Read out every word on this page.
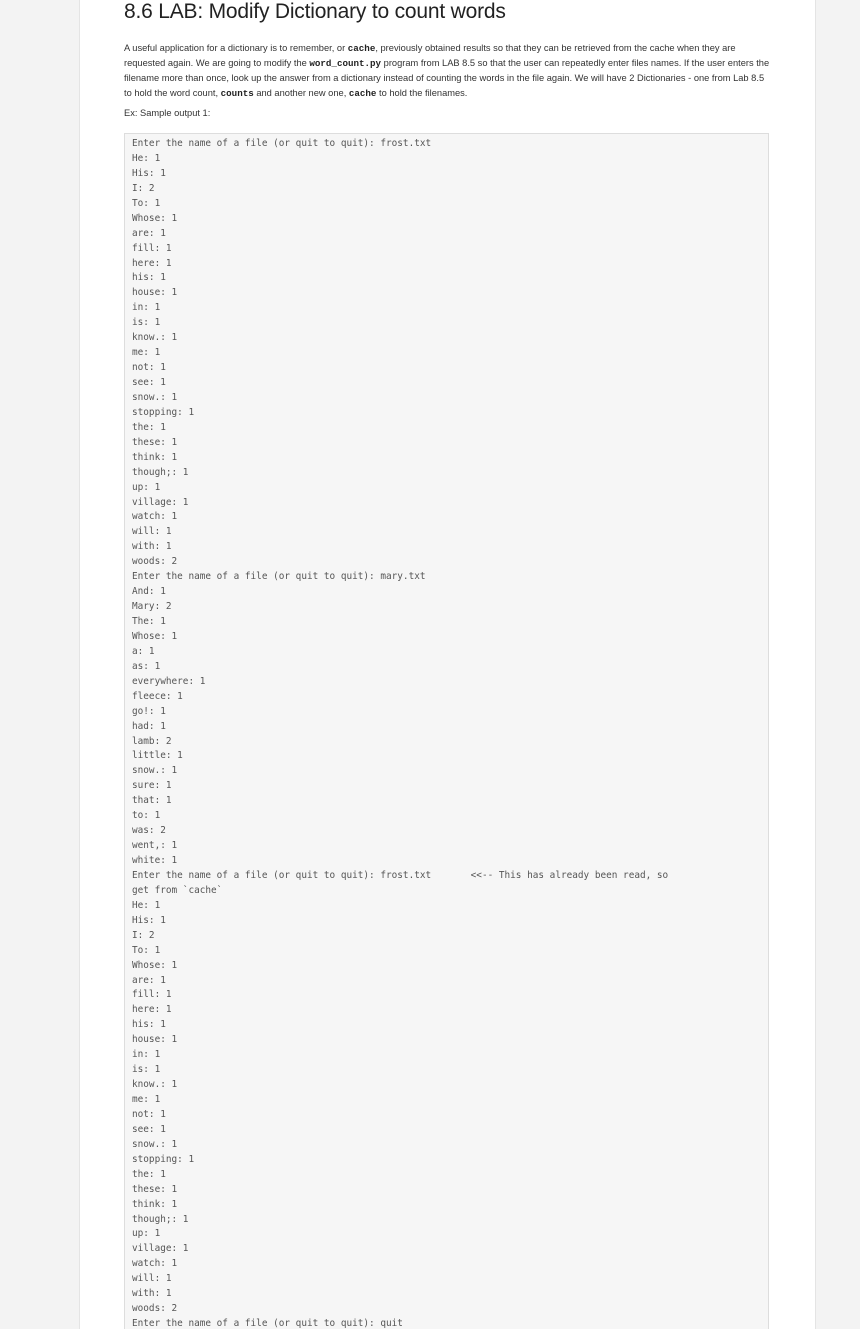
8.6 LAB: Modify Dictionary to count words

A useful application for a dictionary is to remember, or cache, previously obtained results so that they can be retrieved from the cache when they are requested again. We are going to modify the word_count.py program from LAB 8.5 so that the user can repeatedly enter files names. If the user enters the filename more than once, look up the answer from a dictionary instead of counting the words in the file again. We will have 2 Dictionaries - one from Lab 8.5 to hold the word count, counts and another new one, cache to hold the filenames.

Ex: Sample output 1:

Enter the name of a file (or quit to quit): frost.txt
He: 1
His: 1
I: 2
To: 1
Whose: 1
are: 1
fill: 1
here: 1
his: 1
house: 1
in: 1
is: 1
know.: 1
me: 1
not: 1
see: 1
snow.: 1
stopping: 1
the: 1
these: 1
think: 1
though;: 1
up: 1
village: 1
watch: 1
will: 1
with: 1
woods: 2
Enter the name of a file (or quit to quit): mary.txt
And: 1
Mary: 2
The: 1
Whose: 1
a: 1
as: 1
everywhere: 1
fleece: 1
go!: 1
had: 1
lamb: 2
little: 1
snow.: 1
sure: 1
that: 1
to: 1
was: 2
went,: 1
white: 1
Enter the name of a file (or quit to quit): frost.txt       <<-- This has already been read, so
get from `cache`
He: 1
His: 1
I: 2
To: 1
Whose: 1
are: 1
fill: 1
here: 1
his: 1
house: 1
in: 1
is: 1
know.: 1
me: 1
not: 1
see: 1
snow.: 1
stopping: 1
the: 1
these: 1
think: 1
though;: 1
up: 1
village: 1
watch: 1
will: 1
with: 1
woods: 2
Enter the name of a file (or quit to quit): quit
